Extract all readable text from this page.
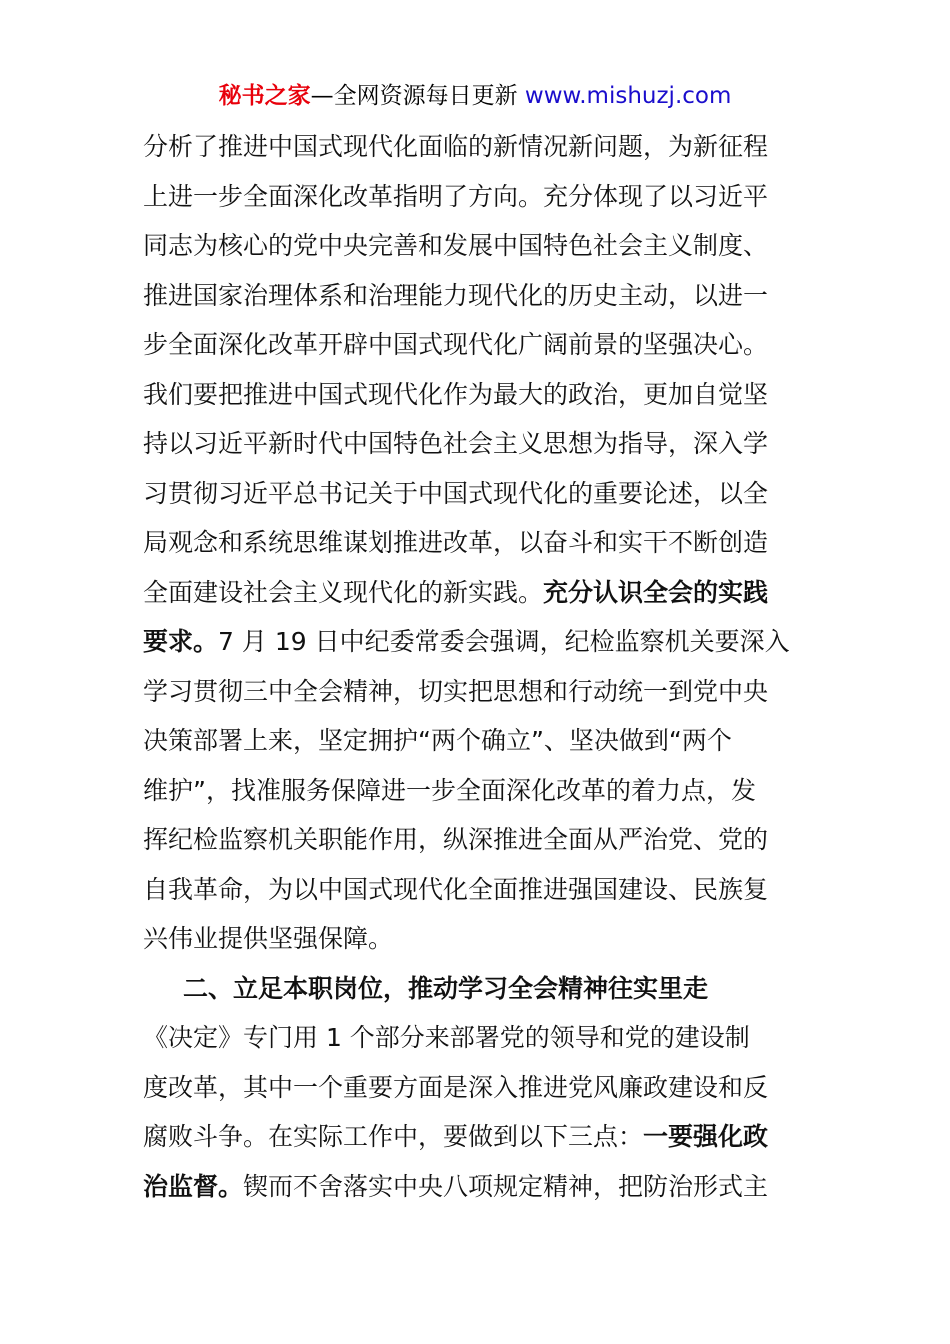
秘书之家—全网资源每日更新 www.mishuzj.com
分析了推进中国式现代化面临的新情况新问题，为新征程
上进一步全面深化改革指明了方向。充分体现了以习近平
同志为核心的党中央完善和发展中国特色社会主义制度、
推进国家治理体系和治理能力现代化的历史主动，以进一
步全面深化改革开辟中国式现代化广阔前景的坚强决心。
我们要把推进中国式现代化作为最大的政治，更加自觉坚
持以习近平新时代中国特色社会主义思想为指导，深入学
习贯彻习近平总书记关于中国式现代化的重要论述，以全
局观念和系统思维谋划推进改革，以奋斗和实干不断创造
全面建设社会主义现代化的新实践。充分认识全会的实践
要求。7 月 19 日中纪委常委会强调，纪检监察机关要深入
学习贯彻三中全会精神，切实把思想和行动统一到党中央
决策部署上来，坚定拥护“两个确立”、坚决做到“两个
维护”，找准服务保障进一步全面深化改革的着力点，发
挥纪检监察机关职能作用，纵深推进全面从严治党、党的
自我革命，为以中国式现代化全面推进强国建设、民族复
兴伟业提供坚强保障。
二、立足本职岗位，推动学习全会精神往实里走
《决定》专门用 1 个部分来部署党的领导和党的建设制
度改革，其中一个重要方面是深入推进党风廉政建设和反
腐败斗争。在实际工作中，要做到以下三点：一要强化政
治监督。锲而不舍落实中央八项规定精神，把防治形式主
